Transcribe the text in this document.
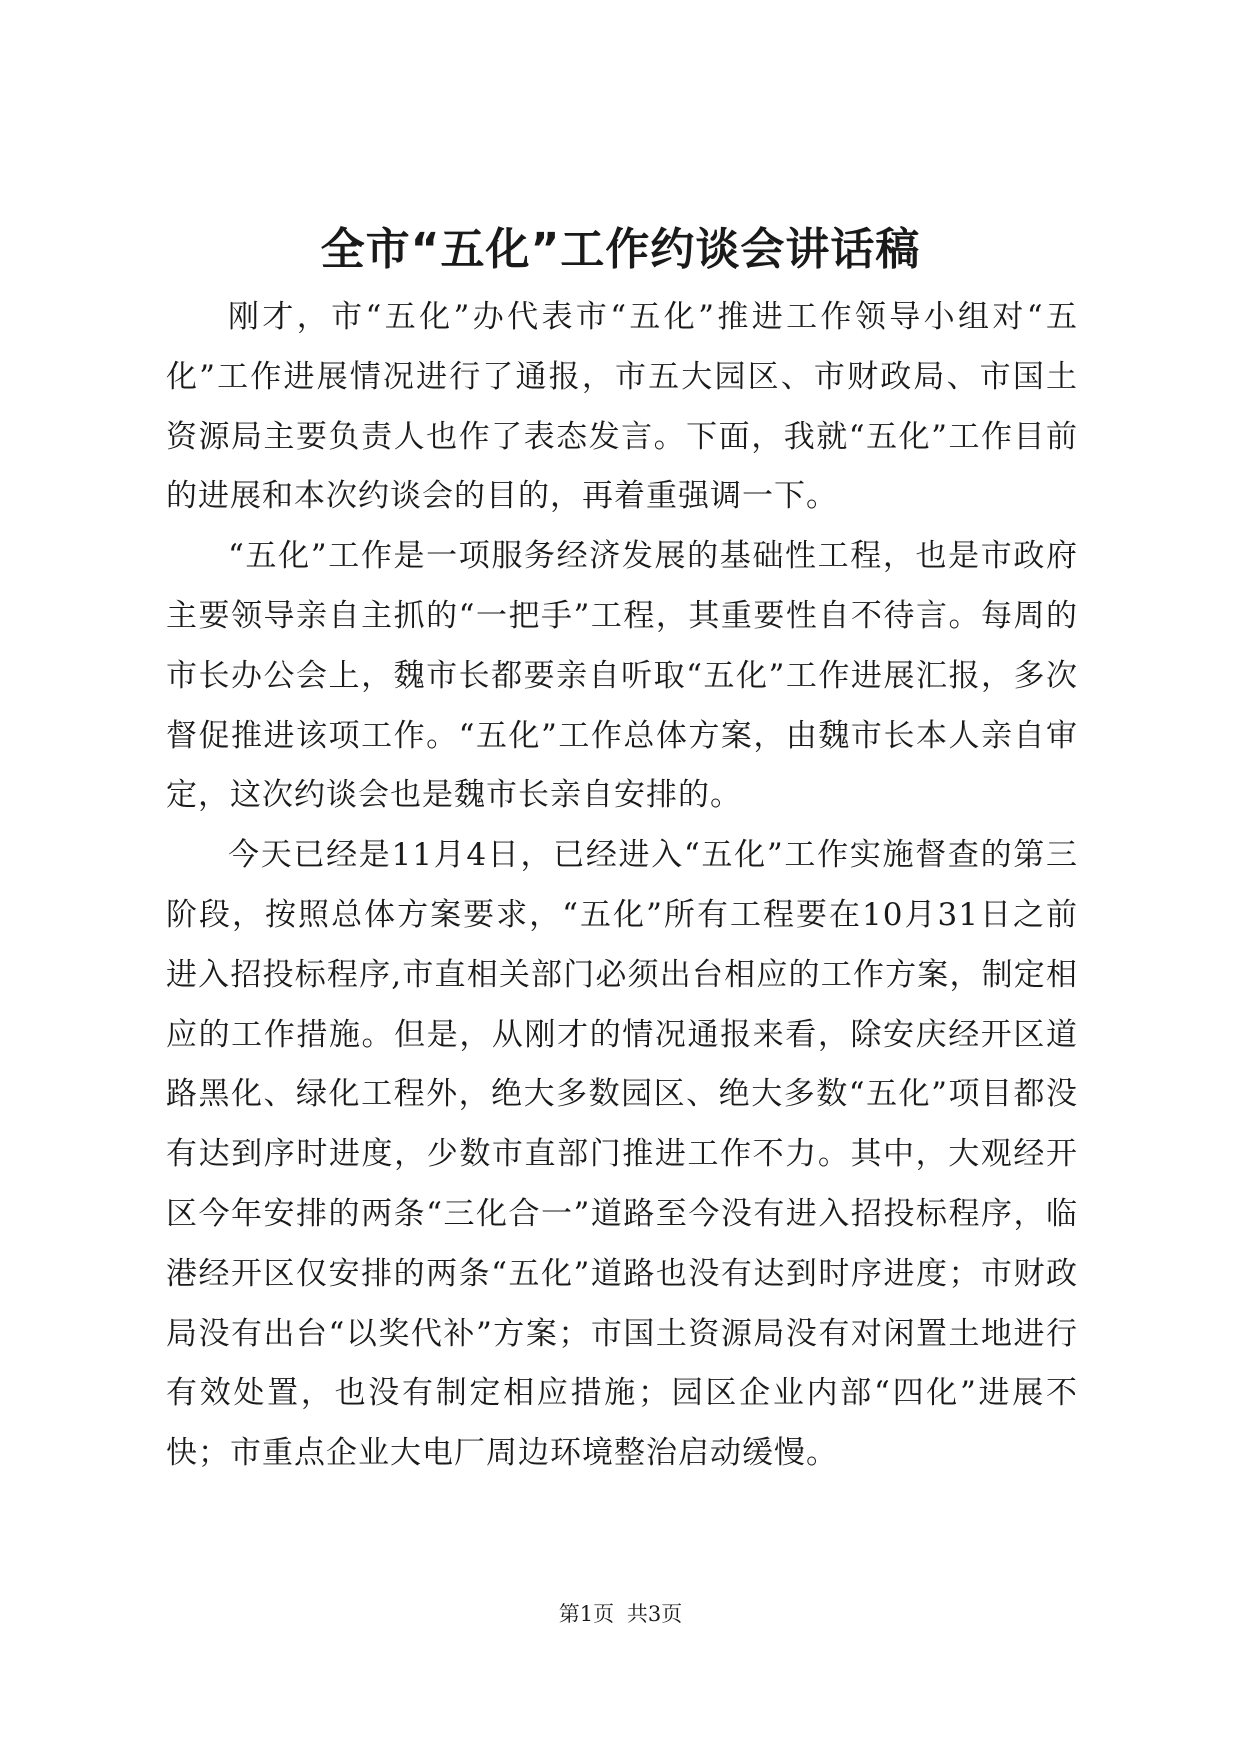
全市“五化”工作约谈会讲话稿

刚才，市“五化”办代表市“五化”推进工作领导小组对“五化”工作进展情况进行了通报，市五大园区、市财政局、市国土资源局主要负责人也作了表态发言。下面，我就“五化”工作目前的进展和本次约谈会的目的，再着重强调一下。

“五化”工作是一项服务经济发展的基础性工程，也是市政府主要领导亲自主抓的“一把手”工程，其重要性自不待言。每周的市长办公会上，魏市长都要亲自听取“五化”工作进展汇报，多次督促推进该项工作。“五化”工作总体方案，由魏市长本人亲自审定，这次约谈会也是魏市长亲自安排的。

今天已经是11月4日，已经进入“五化”工作实施督查的第三阶段，按照总体方案要求，“五化”所有工程要在10月31日之前进入招投标程序,市直相关部门必须出台相应的工作方案，制定相应的工作措施。但是，从刚才的情况通报来看，除安庆经开区道路黑化、绿化工程外，绝大多数园区、绝大多数“五化”项目都没有达到序时进度，少数市直部门推进工作不力。其中，大观经开区今年安排的两条“三化合一”道路至今没有进入招投标程序，临港经开区仅安排的两条“五化”道路也没有达到时序进度；市财政局没有出台“以奖代补”方案；市国土资源局没有对闲置土地进行有效处置，也没有制定相应措施；园区企业内部“四化”进展不快；市重点企业大电厂周边环境整治启动缓慢。

第1页 共3页
